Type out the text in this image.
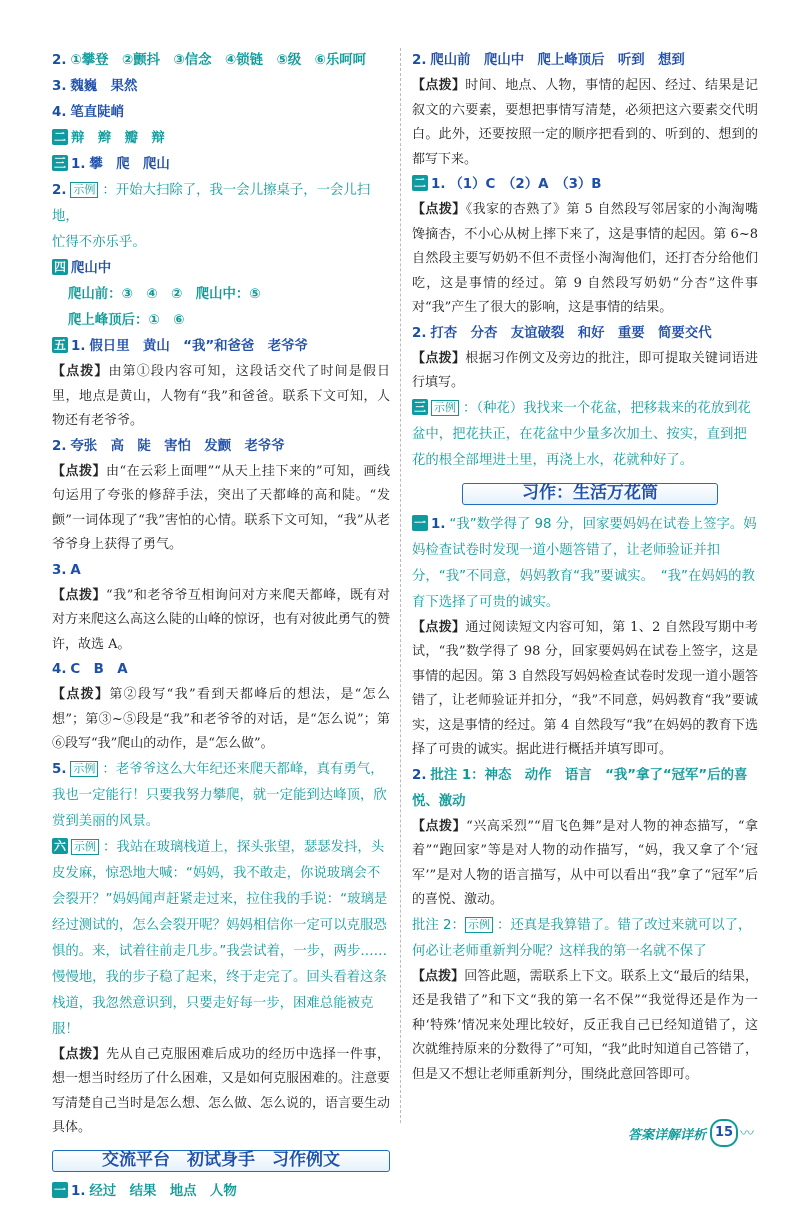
2. ①攀登　②颤抖　③信念　④锁链　⑤级　⑥乐呵呵

3. 魏巍　果然

4. 笔直陡峭

二 辩　辫　瓣　辩

三 1. 攀　爬　爬山

2. 示例 ：开始大扫除了，我一会儿擦桌子，一会儿扫地，

忙得不亦乐乎。

四 爬山中

爬山前：③　④　②　爬山中：⑤

爬上峰顶后：①　⑥

五 1. 假日里　黄山　“我”和爸爸　老爷爷

【点拨】由第①段内容可知，这段话交代了时间是假日里，地点是黄山，人物有“我”和爸爸。联系下文可知，人物还有老爷爷。

2. 夸张　高　陡　害怕　发颤　老爷爷

【点拨】由“在云彩上面哩”“从天上挂下来的”可知，画线句运用了夸张的修辞手法，突出了天都峰的高和陡。“发颤”一词体现了“我”害怕的心情。联系下文可知，“我”从老爷爷身上获得了勇气。

3. A

【点拨】“我”和老爷爷互相询问对方来爬天都峰，既有对对方来爬这么高这么陡的山峰的惊讶，也有对彼此勇气的赞许，故选 A。

4. C　B　A

【点拨】第②段写“我”看到天都峰后的想法，是“怎么想”；第③~⑤段是“我”和老爷爷的对话，是“怎么说”；第⑥段写“我”爬山的动作，是“怎么做”。

5. 示例 ：老爷爷这么大年纪还来爬天都峰，真有勇气，我也一定能行！只要我努力攀爬，就一定能到达峰顶，欣赏到美丽的风景。

六 示例 ：我站在玻璃栈道上，探头张望，瑟瑟发抖，头皮发麻，惊恐地大喊：“妈妈，我不敢走，你说玻璃会不会裂开？”妈妈闻声赶紧走过来，拉住我的手说：“玻璃是经过测试的，怎么会裂开呢？妈妈相信你一定可以克服恐惧的。来，试着往前走几步。”我尝试着，一步，两步……慢慢地，我的步子稳了起来，终于走完了。回头看着这条栈道，我忽然意识到，只要走好每一步，困难总能被克服！

【点拨】先从自己克服困难后成功的经历中选择一件事，想一想当时经历了什么困难，又是如何克服困难的。注意要写清楚自己当时是怎么想、怎么做、怎么说的，语言要生动具体。

交流平台　初试身手　习作例文

一 1. 经过　结果　地点　人物

2. 爬山前　爬山中　爬上峰顶后　听到　想到

【点拨】时间、地点、人物，事情的起因、经过、结果是记叙文的六要素，要想把事情写清楚，必须把这六要素交代明白。此外，还要按照一定的顺序把看到的、听到的、想到的都写下来。

二 1. （1）C　（2）A　（3）B

【点拨】《我家的杏熟了》第 5 自然段写邻居家的小淘淘嘴馋摘杏，不小心从树上摔下来了，这是事情的起因。第 6~8 自然段主要写奶奶不但不责怪小淘淘他们，还打杏分给他们吃，这是事情的经过。第 9 自然段写奶奶“分杏”这件事对“我”产生了很大的影响，这是事情的结果。

2. 打杏　分杏　友谊破裂　和好　重要　简要交代

【点拨】根据习作例文及旁边的批注，即可提取关键词语进行填写。

三 示例 ：（种花）我找来一个花盆，把移栽来的花放到花盆中，把花扶正，在花盆中少量多次加土、按实，直到把花的根全部埋进土里，再浇上水，花就种好了。

习作：生活万花筒

一 1. “我”数学得了 98 分，回家要妈妈在试卷上签字。妈妈检查试卷时发现一道小题答错了，让老师验证并扣分，“我”不同意，妈妈教育“我”要诚实。　“我”在妈妈的教育下选择了可贵的诚实。

【点拨】通过阅读短文内容可知，第 1、2 自然段写期中考试，“我”数学得了 98 分，回家要妈妈在试卷上签字，这是事情的起因。第 3 自然段写妈妈检查试卷时发现一道小题答错了，让老师验证并扣分，“我”不同意，妈妈教育“我”要诚实，这是事情的经过。第 4 自然段写“我”在妈妈的教育下选择了可贵的诚实。据此进行概括并填写即可。

2. 批注 1：神态　动作　语言　“我”拿了“冠军”后的喜悦、激动

【点拨】“兴高采烈”“眉飞色舞”是对人物的神态描写，“拿着”“跑回家”等是对人物的动作描写，“妈，我又拿了个‘冠军’”是对人物的语言描写，从中可以看出“我”拿了“冠军”后的喜悦、激动。

批注 2： 示例 ：还真是我算错了。错了改过来就可以了，何必让老师重新判分呢？这样我的第一名就不保了

【点拨】回答此题，需联系上下文。联系上文“最后的结果，还是我错了”和下文“我的第一名不保”“我觉得还是作为一种‘特殊’情况来处理比较好，反正我自己已经知道错了，这次就维持原来的分数得了”可知，“我”此时知道自己答错了，但是又不想让老师重新判分，围绕此意回答即可。

答案详解详析 15 〰
